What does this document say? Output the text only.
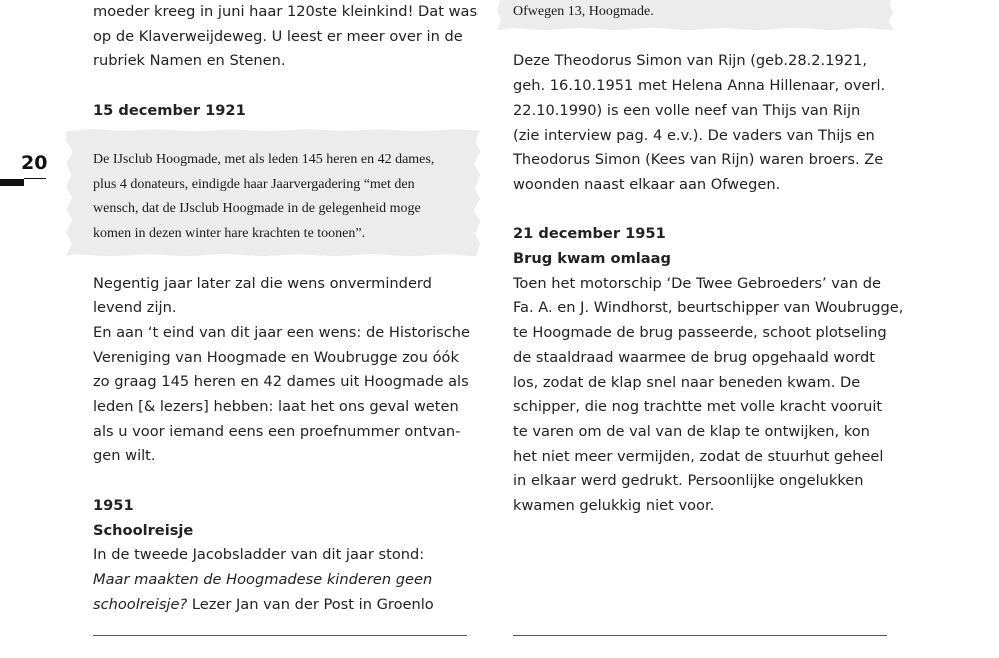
20
moeder kreeg in juni haar 120ste kleinkind! Dat was
op de Klaverweijdeweg. U leest er meer over in de
rubriek Namen en Stenen.
15 december 1921
De IJsclub Hoogmade, met als leden 145 heren en 42 dames,
plus 4 donateurs, eindigde haar Jaarvergadering “met den
wensch, dat de IJsclub Hoogmade in de gelegenheid moge
komen in dezen winter hare krachten te toonen”.
Negentig jaar later zal die wens onverminderd
levend zijn.
En aan ‘t eind van dit jaar een wens: de Historische
Vereniging van Hoogmade en Woubrugge zou óók
zo graag 145 heren en 42 dames uit Hoogmade als
leden [& lezers] hebben: laat het ons geval weten
als u voor iemand eens een proefnummer ontvan-
gen wilt.
1951
Schoolreisje
In de tweede Jacobsladder van dit jaar stond:
Maar maakten de Hoogmadese kinderen geen
schoolreisje? Lezer Jan van der Post in Groenlo
Ofwegen 13, Hoogmade.
Deze Theodorus Simon van Rijn (geb.28.2.1921,
geh. 16.10.1951 met Helena Anna Hillenaar, overl.
22.10.1990) is een volle neef van Thijs van Rijn
(zie interview pag. 4 e.v.). De vaders van Thijs en
Theodorus Simon (Kees van Rijn) waren broers. Ze
woonden naast elkaar aan Ofwegen.
21 december 1951
Brug kwam omlaag
Toen het motorschip ‘De Twee Gebroeders’ van de
Fa. A. en J. Windhorst, beurtschipper van Woubrugge,
te Hoogmade de brug passeerde, schoot plotseling
de staaldraad waarmee de brug opgehaald wordt
los, zodat de klap snel naar beneden kwam. De
schipper, die nog trachtte met volle kracht vooruit
te varen om de val van de klap te ontwijken, kon
het niet meer vermijden, zodat de stuurhut geheel
in elkaar werd gedrukt. Persoonlijke ongelukken
kwamen gelukkig niet voor.
